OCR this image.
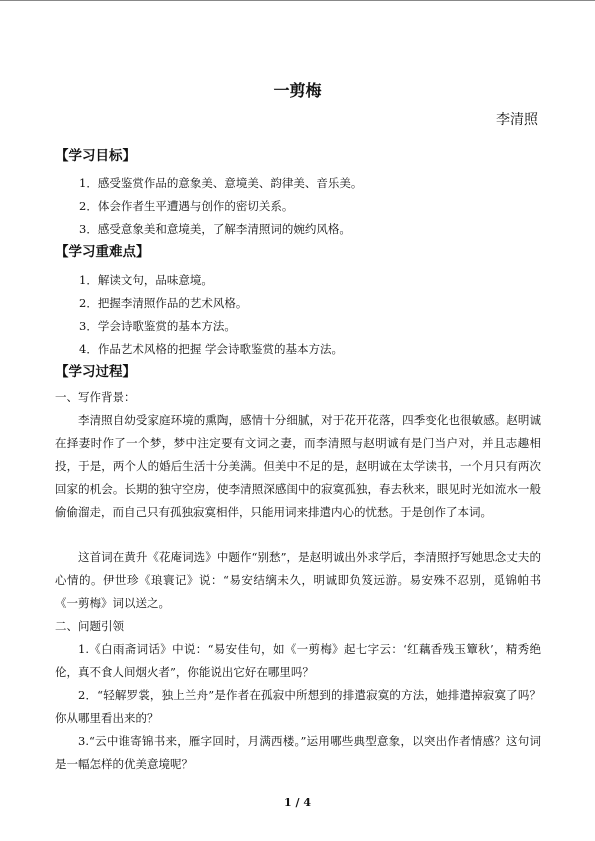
一剪梅
李清照
【学习目标】
1．感受鉴赏作品的意象美、意境美、韵律美、音乐美。
2．体会作者生平遭遇与创作的密切关系。
3．感受意象美和意境美，了解李清照词的婉约风格。
【学习重难点】
1．解读文句，品味意境。
2．把握李清照作品的艺术风格。
3．学会诗歌鉴赏的基本方法。
4．作品艺术风格的把握 学会诗歌鉴赏的基本方法。
【学习过程】
一、写作背景：

李清照自幼受家庭环境的熏陶，感情十分细腻，对于花开花落，四季变化也很敏感。赵明诚在择妻时作了一个梦，梦中注定要有文词之妻，而李清照与赵明诚有是门当户对，并且志趣相投，于是，两个人的婚后生活十分美满。但美中不足的是，赵明诚在太学读书，一个月只有两次回家的机会。长期的独守空房，使李清照深感闺中的寂寞孤独，春去秋来，眼见时光如流水一般偷偷溜走，而自己只有孤独寂寞相伴，只能用词来排遣内心的忧愁。于是创作了本词。

这首词在黄升《花庵词选》中题作“别愁”，是赵明诚出外求学后，李清照抒写她思念丈夫的心情的。伊世珍《琅寰记》说：“易安结缡未久，明诚即负笈远游。易安殊不忍别，觅锦帕书《一剪梅》词以送之。

二、问题引领

1.《白雨斋词话》中说：“易安佳句，如《一剪梅》起七字云：‘红藕香残玉簟秋’，精秀绝伦，真不食人间烟火者”，你能说出它好在哪里吗？

2．“轻解罗裳，独上兰舟”是作者在孤寂中所想到的排遣寂寞的方法，她排遣掉寂寞了吗？你从哪里看出来的？

3.“云中谁寄锦书来，雁字回时，月满西楼。”运用哪些典型意象，以突出作者情感？这句词是一幅怎样的优美意境呢？

1 / 4
